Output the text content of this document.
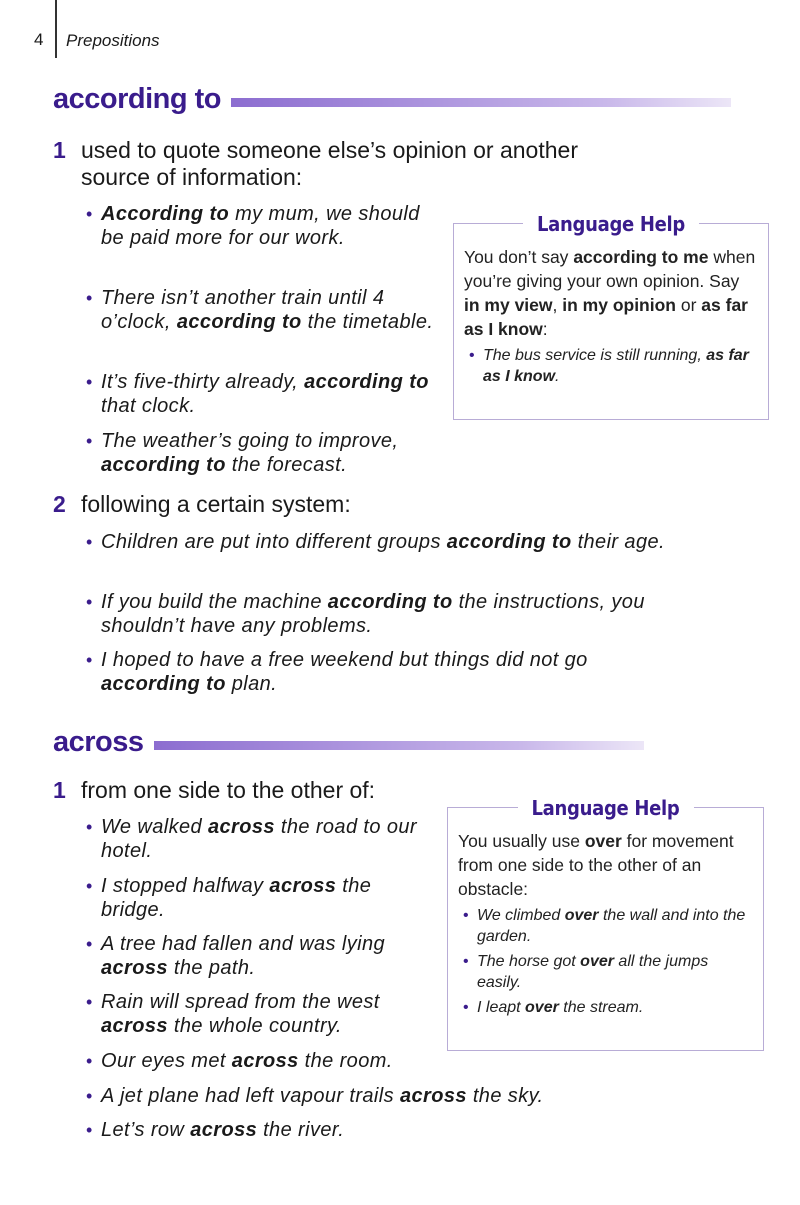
4 Prepositions
according to
1 used to quote someone else’s opinion or another
source of information:
• According to my mum, we should be paid more for our work.
• There isn’t another train until 4 o’clock, according to the timetable.
• It’s five-thirty already, according to that clock.
• The weather’s going to improve, according to the forecast.
Language Help
You don’t say according to me when you’re giving your own opinion. Say in my view, in my opinion or as far as I know:
• The bus service is still running, as far as I know.
2 following a certain system:
• Children are put into different groups according to their age.
• If you build the machine according to the instructions, you shouldn’t have any problems.
• I hoped to have a free weekend but things did not go according to plan.
across
1 from one side to the other of:
• We walked across the road to our hotel.
• I stopped halfway across the bridge.
• A tree had fallen and was lying across the path.
• Rain will spread from the west across the whole country.
• Our eyes met across the room.
• A jet plane had left vapour trails across the sky.
• Let’s row across the river.
Language Help
You usually use over for movement from one side to the other of an obstacle:
• We climbed over the wall and into the garden.
• The horse got over all the jumps easily.
• I leapt over the stream.
